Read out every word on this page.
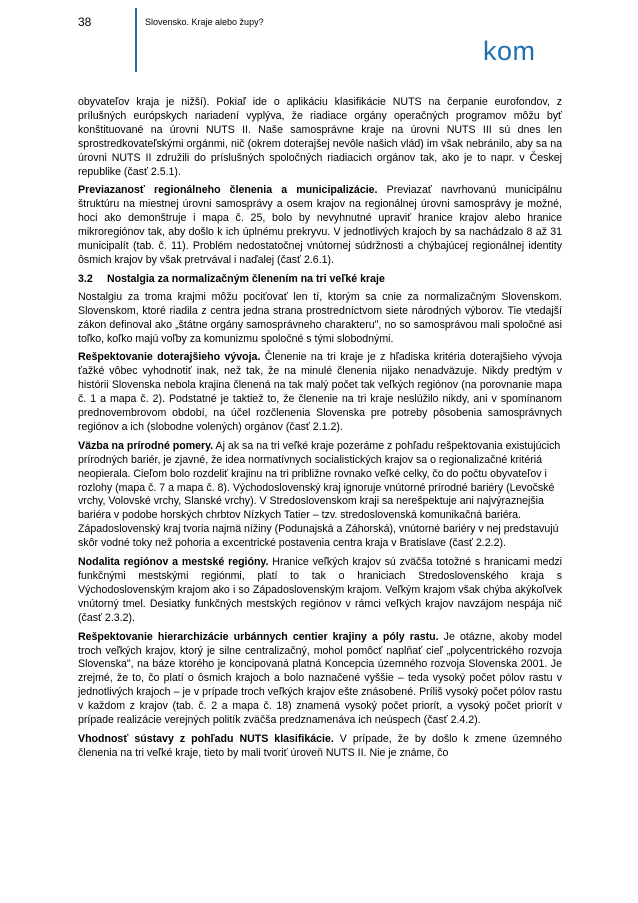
38	Slovensko. Kraje alebo župy?
kom

obyvateľov kraja je nižší). Pokiaľ ide o aplikáciu klasifikácie NUTS na čerpanie eurofondov, z prílušných európskych nariadení vyplýva, že riadiace orgány operačných programov môžu byť konštituované na úrovni NUTS II. Naše samosprávne kraje na úrovni NUTS III sú dnes len sprostredkovateľskými orgánmi, nič (okrem doterajšej nevôle našich vlád) im však nebránilo, aby sa na úrovni NUTS II združili do príslušných spoločných riadiacich orgánov tak, ako je to napr. v Českej republike (časť 2.5.1).

Previazanosť regionálneho členenia a municipalizácie. Previazať navrhovanú municipálnu štruktúru na miestnej úrovni samosprávy a osem krajov na regionálnej úrovni samosprávy je možné, hoci ako demonštruje i mapa č. 25, bolo by nevyhnutné upraviť hranice krajov alebo hranice mikroregiónov tak, aby došlo k ich úplnému prekryvu. V jednotlivých krajoch by sa nachádzalo 8 až 31 municipalít (tab. č. 11). Problém nedostatočnej vnútornej súdržnosti a chýbajúcej regionálnej identity ôsmich krajov by však pretrvával i naďalej (časť 2.6.1).

3.2 Nostalgia za normalizačným členením na tri veľké kraje

Nostalgiu za troma krajmi môžu pociťovať len tí, ktorým sa cnie za normalizačným Slovenskom. Slovenskom, ktoré riadila z centra jedna strana prostredníctvom siete národných výborov. Tie vtedajší zákon definoval ako „štátne orgány samosprávneho charakteru", no so samosprávou mali spoločné asi toľko, koľko majú voľby za komunizmu spoločné s tými slobodnými.

Rešpektovanie doterajšieho vývoja. Členenie na tri kraje je z hľadiska kritéria doterajšieho vývoja ťažké vôbec vyhodnotiť inak, než tak, že na minulé členenia nijako nenadväzuje. Nikdy predtým v histórii Slovenska nebola krajina členená na tak malý počet tak veľkých regiónov (na porovnanie mapa č. 1 a mapa č. 2). Podstatné je taktiež to, že členenie na tri kraje neslúžilo nikdy, ani v spomínanom prednovembrovom období, na účel rozčlenenia Slovenska pre potreby pôsobenia samosprávnych regiónov a ich (slobodne volených) orgánov (časť 2.1.2).

Väzba na prírodné pomery. Aj ak sa na tri veľké kraje pozeráme z pohľadu rešpektovania existujúcich prírodných bariér, je zjavné, že idea normatívnych socialistických krajov sa o regionalizačné kritériá neopierala. Cieľom bolo rozdeliť krajinu na tri približne rovnako veľké celky, čo do počtu obyvateľov i rozlohy (mapa č. 7 a mapa č. 8). Východoslovenský kraj ignoruje vnútorné prírodné bariéry (Levočské vrchy, Volovské vrchy, Slanské vrchy). V Stredoslovenskom kraji sa nerešpektuje ani najvýraznejšia bariéra v podobe horských chrbtov Nízkych Tatier – tzv. stredoslovenská komunikačná bariéra. Západoslovenský kraj tvoria najmä nížiny (Podunajská a Záhorská), vnútorné bariéry v nej predstavujú skôr vodné toky než pohoria a excentrické postavenia centra kraja v Bratislave (časť 2.2.2).

Nodalita regiónov a mestské regióny. Hranice veľkých krajov sú zväčša totožné s hranicami medzi funkčnými mestskými regiónmi, platí to tak o hraniciach Stredoslovenského kraja s Východoslovenským krajom ako i so Západoslovenským krajom. Veľkým krajom však chýba akýkoľvek vnútorný tmel. Desiatky funkčných mestských regiónov v rámci veľkých krajov navzájom nespája nič (časť 2.3.2).

Rešpektovanie hierarchizácie urbánnych centier krajiny a póly rastu. Je otázne, akoby model troch veľkých krajov, ktorý je silne centralizačný, mohol pomôcť naplňať cieľ „polycentrického rozvoja Slovenska", na báze ktorého je koncipovaná platná Koncepcia územného rozvoja Slovenska 2001. Je zrejmé, že to, čo platí o ôsmich krajoch a bolo naznačené vyššie – teda vysoký počet pólov rastu v jednotlivých krajoch – je v prípade troch veľkých krajov ešte znásobené. Príliš vysoký počet pólov rastu v každom z krajov (tab. č. 2 a mapa č. 18) znamená vysoký počet priorít, a vysoký počet priorít v prípade realizácie verejných politík zväčša predznamenáva ich neúspech (časť 2.4.2).

Vhodnosť sústavy z pohľadu NUTS klasifikácie. V prípade, že by došlo k zmene územného členenia na tri veľké kraje, tieto by mali tvoriť úroveň NUTS II. Nie je známe, čo
